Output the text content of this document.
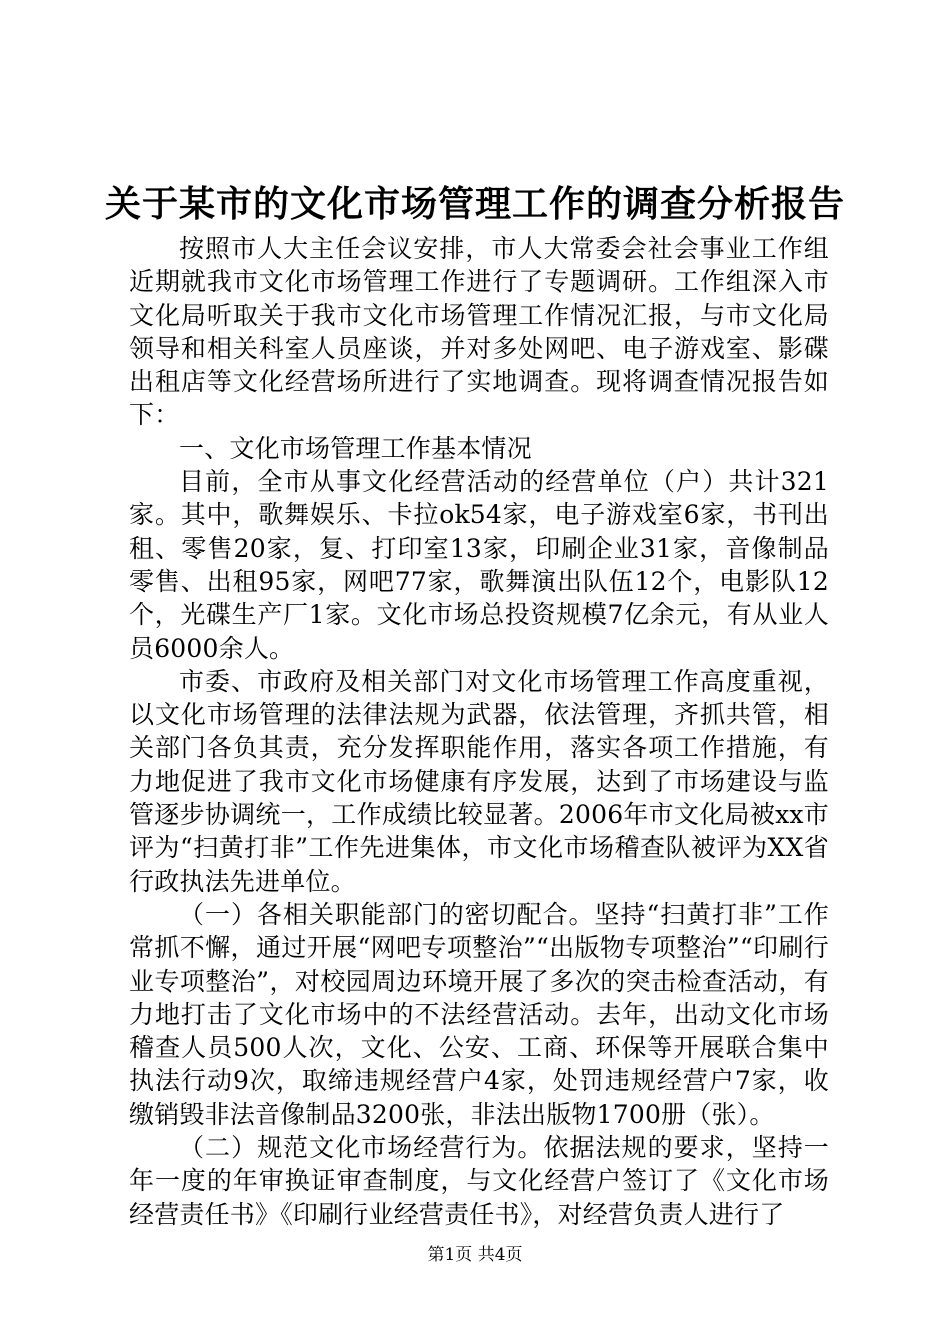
关于某市的文化市场管理工作的调查分析报告

按照市人大主任会议安排，市人大常委会社会事业工作组近期就我市文化市场管理工作进行了专题调研。工作组深入市文化局听取关于我市文化市场管理工作情况汇报，与市文化局领导和相关科室人员座谈，并对多处网吧、电子游戏室、影碟出租店等文化经营场所进行了实地调查。现将调查情况报告如下：

一、文化市场管理工作基本情况

目前，全市从事文化经营活动的经营单位（户）共计321家。其中，歌舞娱乐、卡拉ok54家，电子游戏室6家，书刊出租、零售20家，复、打印室13家，印刷企业31家，音像制品零售、出租95家，网吧77家，歌舞演出队伍12个，电影队12个，光碟生产厂1家。文化市场总投资规模7亿余元，有从业人员6000余人。

市委、市政府及相关部门对文化市场管理工作高度重视，以文化市场管理的法律法规为武器，依法管理，齐抓共管，相关部门各负其责，充分发挥职能作用，落实各项工作措施，有力地促进了我市文化市场健康有序发展，达到了市场建设与监管逐步协调统一，工作成绩比较显著。2006年市文化局被xx市评为“扫黄打非”工作先进集体，市文化市场稽查队被评为XX省行政执法先进单位。

（一）各相关职能部门的密切配合。坚持“扫黄打非”工作常抓不懈，通过开展“网吧专项整治”“出版物专项整治”“印刷行业专项整治”，对校园周边环境开展了多次的突击检查活动，有力地打击了文化市场中的不法经营活动。去年，出动文化市场稽查人员500人次，文化、公安、工商、环保等开展联合集中执法行动9次，取缔违规经营户4家，处罚违规经营户7家，收缴销毁非法音像制品3200张，非法出版物1700册（张）。

（二）规范文化市场经营行为。依据法规的要求，坚持一年一度的年审换证审查制度，与文化经营户签订了《文化市场经营责任书》《印刷行业经营责任书》，对经营负责人进行了

第1页 共4页
